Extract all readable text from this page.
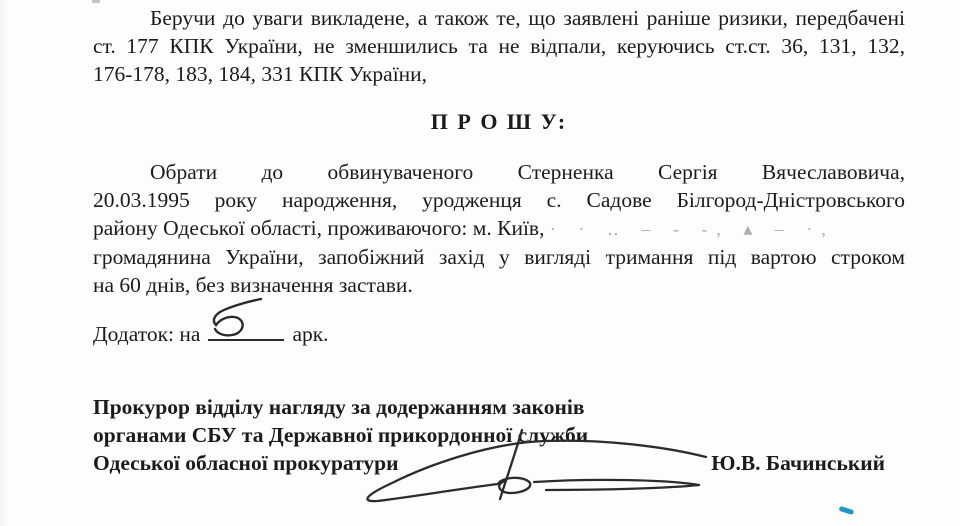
Беручи до уваги викладене, а також те, що заявлені раніше ризики, передбачені
ст. 177 КПК України, не зменшились та не відпали, керуючись ст.ст. 36, 131, 132,
176-178, 183, 184, 331 КПК України,
П Р О Ш У:
Обрати до обвинуваченого Стерненка Сергія Вячеславовича,
20.03.1995 року народження, уродженця с. Садове Білгород-Дністровського
району Одеської області, проживаючого: м. Київ, · · ‥ – ‐ ‑, ▴ – ·,
громадянина України, запобіжний захід у вигляді тримання під вартою строком
на 60 днів, без визначення застави.
Додаток: на	арк.
Прокурор відділу нагляду за додержанням законів
органами СБУ та Державної прикордонної служби
Одеської обласної прокуратури	Ю.В. Бачинський
